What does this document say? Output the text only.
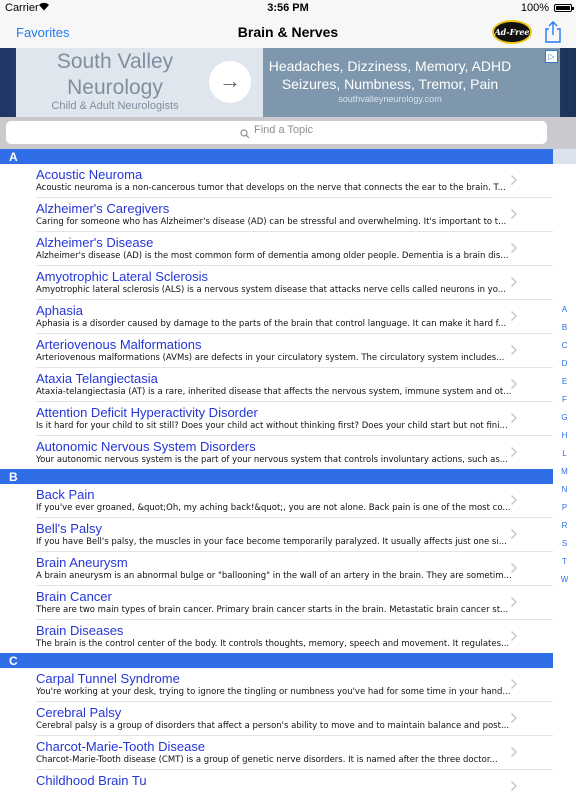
Carrier	3:56 PM	100%
Favorites	Brain & Nerves	Ad-Free
South Valley
Neurology
Child & Adult Neurologists
→
Headaches, Dizziness, Memory, ADHD
Seizures, Numbness, Tremor, Pain
southvalleyneurology.com
▷
Find a Topic
A
Acoustic Neuroma
Acoustic neuroma is a non-cancerous tumor that develops on the nerve that connects the ear to the brain. T...
Alzheimer's Caregivers
Caring for someone who has Alzheimer's disease (AD) can be stressful and overwhelming. It's important to t...
Alzheimer's Disease
Alzheimer's disease (AD) is the most common form of dementia among older people. Dementia is a brain dis...
Amyotrophic Lateral Sclerosis
Amyotrophic lateral sclerosis (ALS) is a nervous system disease that attacks nerve cells called neurons in yo...
Aphasia
Aphasia is a disorder caused by damage to the parts of the brain that control language. It can make it hard f...
Arteriovenous Malformations
Arteriovenous malformations (AVMs) are defects in your circulatory system. The circulatory system includes...
Ataxia Telangiectasia
Ataxia-telangiectasia (AT) is a rare, inherited disease that affects the nervous system, immune system and ot...
Attention Deficit Hyperactivity Disorder
Is it hard for your child to sit still? Does your child act without thinking first? Does your child start but not fini...
Autonomic Nervous System Disorders
Your autonomic nervous system is the part of your nervous system that controls involuntary actions, such as...
B
Back Pain
If you've ever groaned, &quot;Oh, my aching back!&quot;, you are not alone. Back pain is one of the most co...
Bell's Palsy
If you have Bell's palsy, the muscles in your face become temporarily paralyzed. It usually affects just one si...
Brain Aneurysm
A brain aneurysm is an abnormal bulge or "ballooning" in the wall of an artery in the brain. They are sometim...
Brain Cancer
There are two main types of brain cancer. Primary brain cancer starts in the brain. Metastatic brain cancer st...
Brain Diseases
The brain is the control center of the body. It controls thoughts, memory, speech and movement. It regulates...
C
Carpal Tunnel Syndrome
You're working at your desk, trying to ignore the tingling or numbness you've had for some time in your hand...
Cerebral Palsy
Cerebral palsy is a group of disorders that affect a person's ability to move and to maintain balance and post...
Charcot-Marie-Tooth Disease
Charcot-Marie-Tooth disease (CMT) is a group of genetic nerve disorders. It is named after the three doctor...
Childhood Brain Tu
A
B
C
D
E
F
G
H
L
M
N
P
R
S
T
W
